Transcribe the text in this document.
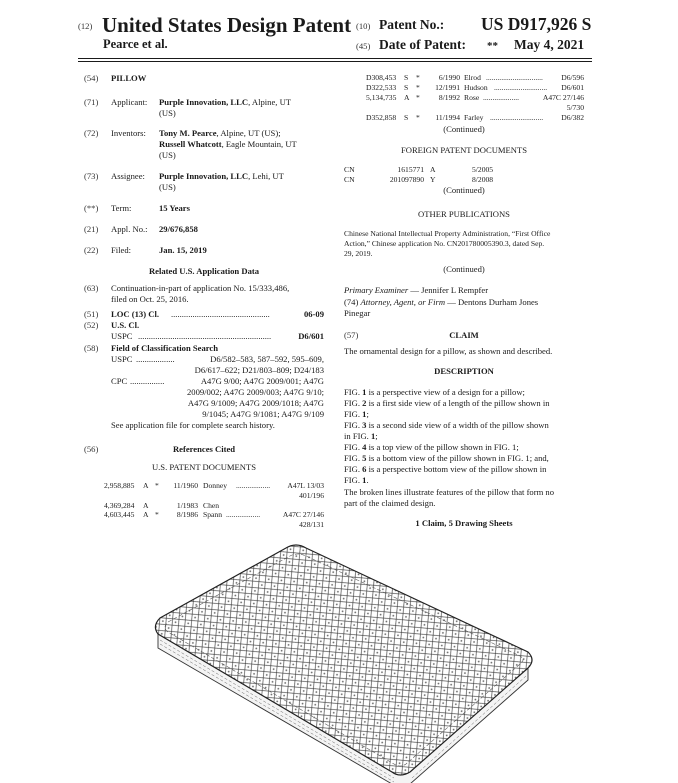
(12) United States Design Patent
Pearce et al.
(10) Patent No.: US D917,926 S
(45) Date of Patent: ** May 4, 2021
(54) PILLOW
(71) Applicant: Purple Innovation, LLC, Alpine, UT
(US)
(72) Inventors: Tony M. Pearce, Alpine, UT (US);
Russell Whatcott, Eagle Mountain, UT
(US)
(73) Assignee: Purple Innovation, LLC, Lehi, UT
(US)
(**) Term:	15 Years
(21) Appl. No.: 29/676,858
(22) Filed:	Jan. 15, 2019
Related U.S. Application Data
(63) Continuation-in-part of application No. 15/333,486,
filed on Oct. 25, 2016.
(51) LOC (13) Cl. ..............................................	06-09
(52) U.S. Cl.
USPC ..............................................................	D6/601
(58) Field of Classification Search
USPC ..................	D6/582–583, 587–592, 595–609,
D6/617–622; D21/803–809; D24/183
CPC ................	A47G 9/00; A47G 2009/001; A47G
2009/002; A47G 2009/003; A47G 9/10;
A47G 9/1009; A47G 2009/1018; A47G
9/1045; A47G 9/1081; A47G 9/109
See application file for complete search history.
(56)	References Cited
U.S. PATENT DOCUMENTS
2,958,885 A *	11/1960 Donney ..................	A47L 13/03
401/196
4,369,284 A	1/1983 Chen
4,603,445 A *	8/1986 Spann ..................	A47C 27/146
428/131
D308,453 S *	6/1990 Elrod ..............................	D6/596
D322,533 S *	12/1991 Hudson ............................	D6/601
5,134,735 A *	8/1992 Rose ...................	A47C 27/146
5/730
D352,858 S *	11/1994 Farley ............................	D6/382
(Continued)
FOREIGN PATENT DOCUMENTS
CN	1615771 A	5/2005
CN	201097890 Y	8/2008
(Continued)
OTHER PUBLICATIONS
Chinese National Intellectual Property Administration, “First Office
Action,” Chinese application No. CN201780005390.3, dated Sep.
29, 2019.
(Continued)
Primary Examiner — Jennifer L Rempfer
(74) Attorney, Agent, or Firm — Dentons Durham Jones
Pinegar
(57)	CLAIM
The ornamental design for a pillow, as shown and described.
DESCRIPTION
FIG. 1 is a perspective view of a design for a pillow;
FIG. 2 is a first side view of a length of the pillow shown in
FIG. 1;
FIG. 3 is a second side view of a width of the pillow shown
in FIG. 1;
FIG. 4 is a top view of the pillow shown in FIG. 1;
FIG. 5 is a bottom view of the pillow shown in FIG. 1; and,
FIG. 6 is a perspective bottom view of the pillow shown in
FIG. 1.
The broken lines illustrate features of the pillow that form no
part of the claimed design.
1 Claim, 5 Drawing Sheets
